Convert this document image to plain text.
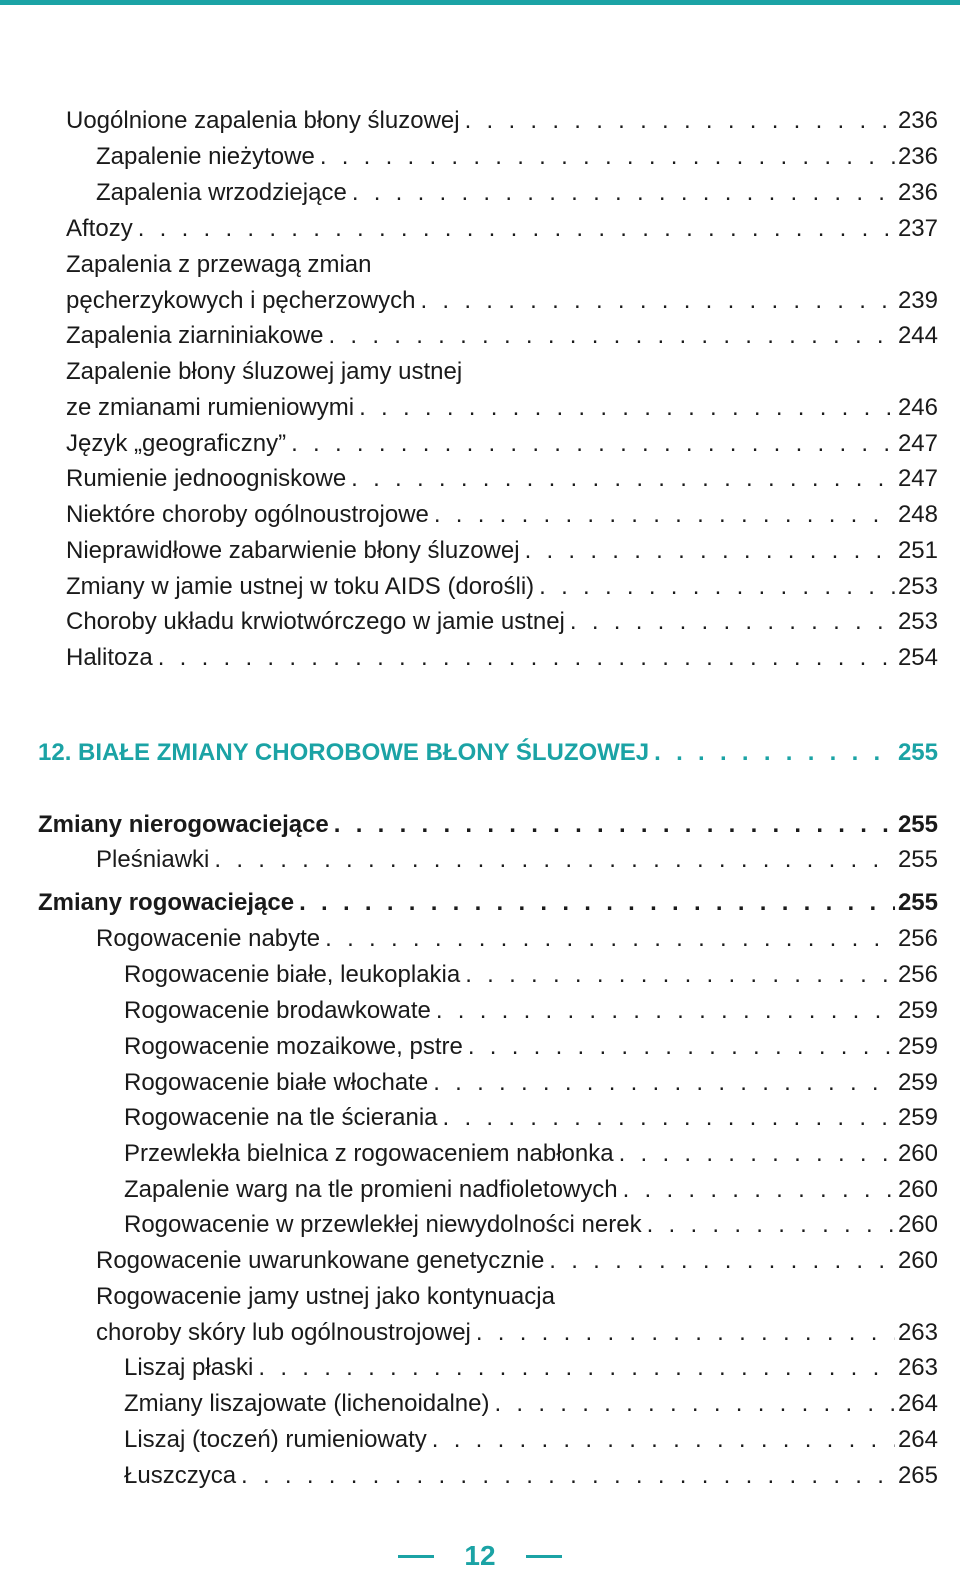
Uogólnione zapalenia błony śluzowej . . .	236
Zapalenie nieżytowe . . .	236
Zapalenia wrzodziejące . . .	236
Aftozy . . .	237
Zapalenia z przewagą zmian
pęcherzykowych i pęcherzowych . . .	239
Zapalenia ziarniniakowe . . .	244
Zapalenie błony śluzowej jamy ustnej
ze zmianami rumieniowymi . . .	246
Język „geograficzny” . . .	247
Rumienie jednoogniskowe . . .	247
Niektóre choroby ogólnoustrojowe . . .	248
Nieprawidłowe zabarwienie błony śluzowej . . .	251
Zmiany w jamie ustnej w toku AIDS (dorośli) . . .	253
Choroby układu krwiotwórczego w jamie ustnej . . .	253
Halitoza . . .	254
12. BIAŁE ZMIANY CHOROBOWE BŁONY ŚLUZOWEJ . . .	255
Zmiany nierogowaciejące . . .	255
Pleśniawki . . .	255
Zmiany rogowaciejące . . .	255
Rogowacenie nabyte . . .	256
Rogowacenie białe, leukoplakia . . .	256
Rogowacenie brodawkowate . . .	259
Rogowacenie mozaikowe, pstre . . .	259
Rogowacenie białe włochate . . .	259
Rogowacenie na tle ścierania . . .	259
Przewlekła bielnica z rogowaceniem nabłonka . . .	260
Zapalenie warg na tle promieni nadfioletowych . . .	260
Rogowacenie w przewlekłej niewydolności nerek . . .	260
Rogowacenie uwarunkowane genetycznie . . .	260
Rogowacenie jamy ustnej jako kontynuacja
choroby skóry lub ogólnoustrojowej . . .	263
Liszaj płaski . . .	263
Zmiany liszajowate (lichenoidalne) . . .	264
Liszaj (toczeń) rumieniowaty . . .	264
Łuszczyca . . .	265
12
